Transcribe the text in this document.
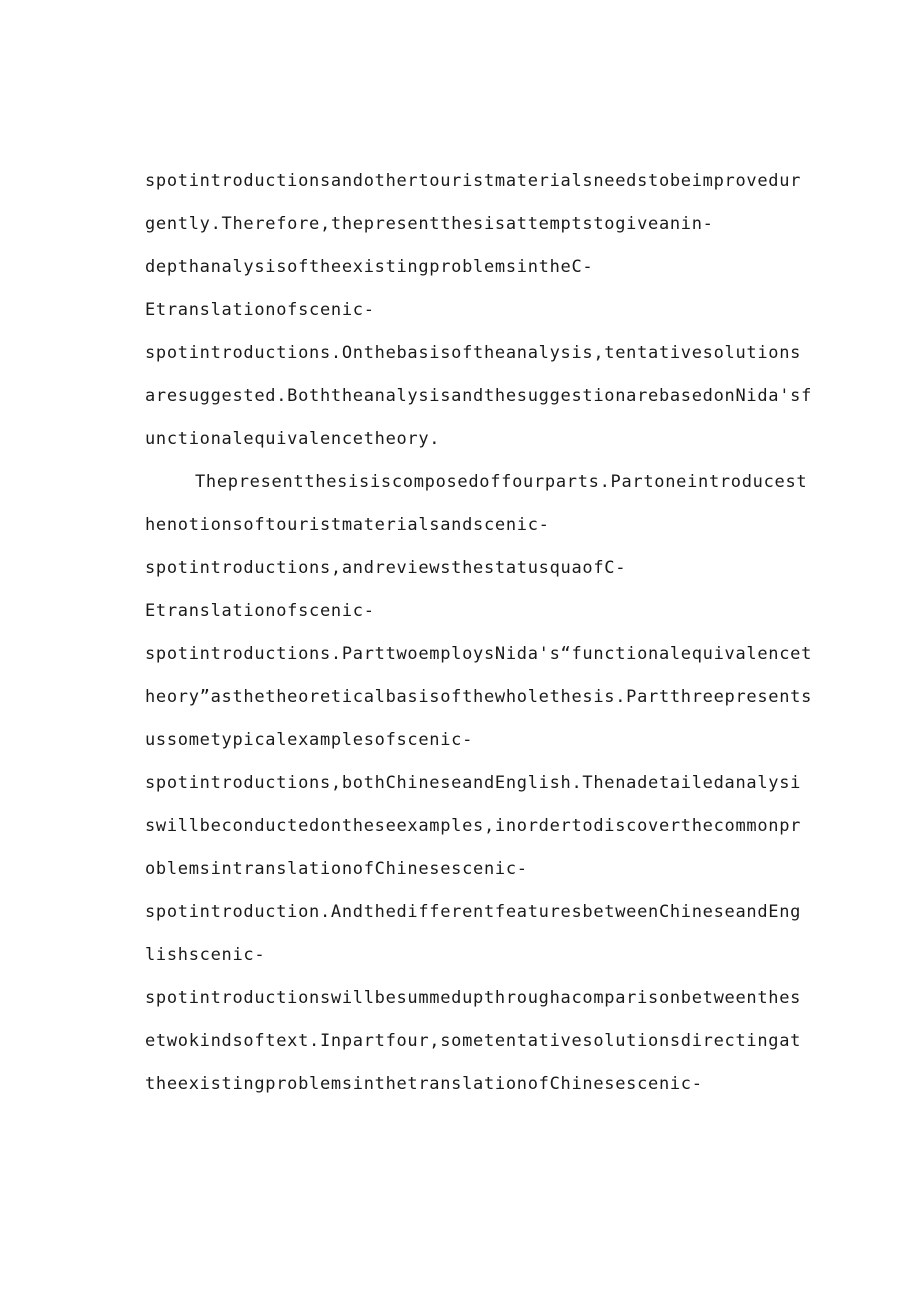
spotintroductionsandothertouristmaterialsneedstobeimprovedur
gently.Therefore,thepresentthesisattemptstogiveanin-
depthanalysisoftheexistingproblemsintheC-
Etranslationofscenic-
spotintroductions.Onthebasisoftheanalysis,tentativesolutions
aresuggested.BoththeanalysisandthesuggestionarebasedonNida'sf
unctionalequivalencetheory.
Thepresentthesisiscomposedoffourparts.Partoneintroducest
henotionsoftouristmaterialsandscenic-
spotintroductions,andreviewsthestatusquaofC-
Etranslationofscenic-
spotintroductions.ParttwoemploysNida's“functionalequivalencet
heory”asthetheoreticalbasisofthewholethesis.Partthreepresents
ussometypicalexamplesofscenic-
spotintroductions,bothChineseandEnglish.Thenadetailedanalysi
swillbeconductedontheseexamples,inordertodiscoverthecommonpr
oblemsintranslationofChinesescenic-
spotintroduction.AndthedifferentfeaturesbetweenChineseandEng
lishscenic-
spotintroductionswillbesummedupthroughacomparisonbetweenthes
etwokindsoftext.Inpartfour,sometentativesolutionsdirectingat
theexistingproblemsinthetranslationofChinesescenic-
